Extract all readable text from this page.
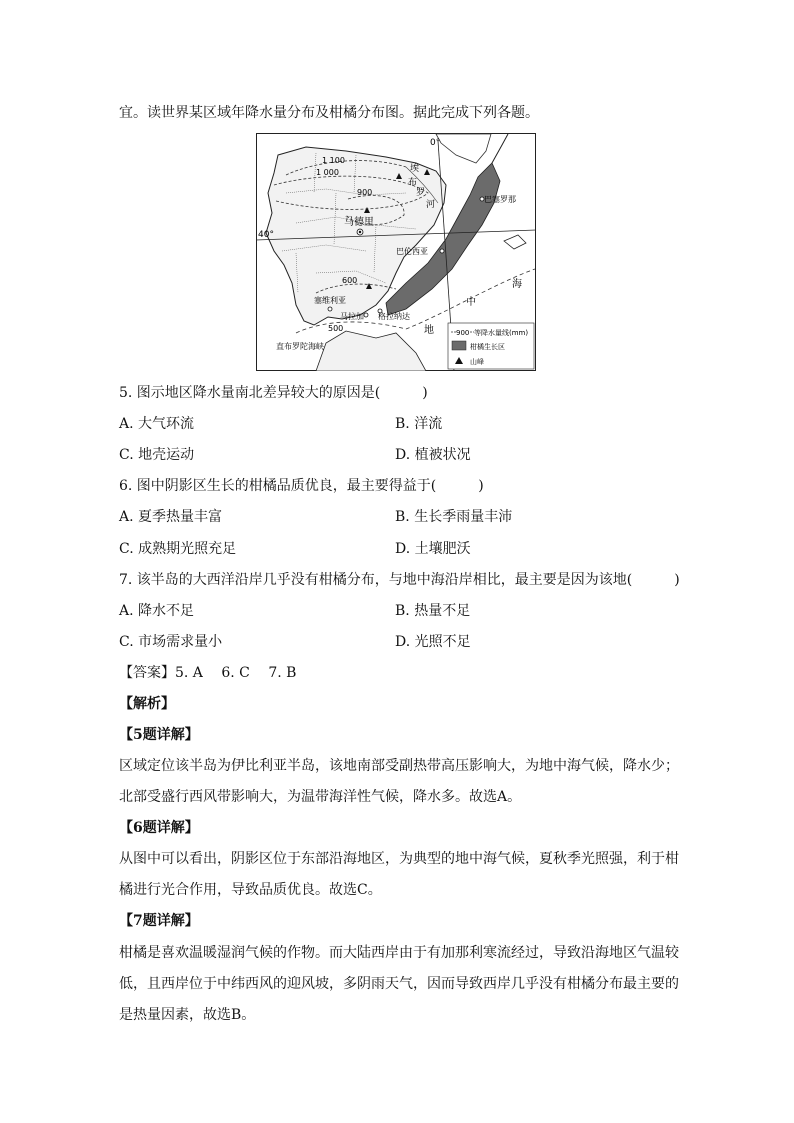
宜。读世界某区域年降水量分布及柑橘分布图。据此完成下列各题。
0°
40°
1 100
1 000
900
600
500
马德里
埃
布
罗
河
巴塞罗那
巴伦西亚
塞维利亚
马拉加 格拉纳达
直布罗陀海峡
海
中
地	900 等降水量线(mm)
柑橘生长区
山峰
5. 图示地区降水量南北差异较大的原因是(　　　)
A. 大气环流	B. 洋流
C. 地壳运动	D. 植被状况
6. 图中阴影区生长的柑橘品质优良，最主要得益于(　　　)
A. 夏季热量丰富	B. 生长季雨量丰沛
C. 成熟期光照充足	D. 土壤肥沃
7. 该半岛的大西洋沿岸几乎没有柑橘分布，与地中海沿岸相比，最主要是因为该地(　　　)
A. 降水不足	B. 热量不足
C. 市场需求量小	D. 光照不足
【答案】5. A　 6. C　 7. B
【解析】
【5题详解】
区域定位该半岛为伊比利亚半岛，该地南部受副热带高压影响大，为地中海气候，降水少；
北部受盛行西风带影响大，为温带海洋性气候，降水多。故选A。
【6题详解】
从图中可以看出，阴影区位于东部沿海地区，为典型的地中海气候，夏秋季光照强，利于柑
橘进行光合作用，导致品质优良。故选C。
【7题详解】
柑橘是喜欢温暖湿润气候的作物。而大陆西岸由于有加那利寒流经过，导致沿海地区气温较
低，且西岸位于中纬西风的迎风坡，多阴雨天气，因而导致西岸几乎没有柑橘分布最主要的
是热量因素，故选B。
